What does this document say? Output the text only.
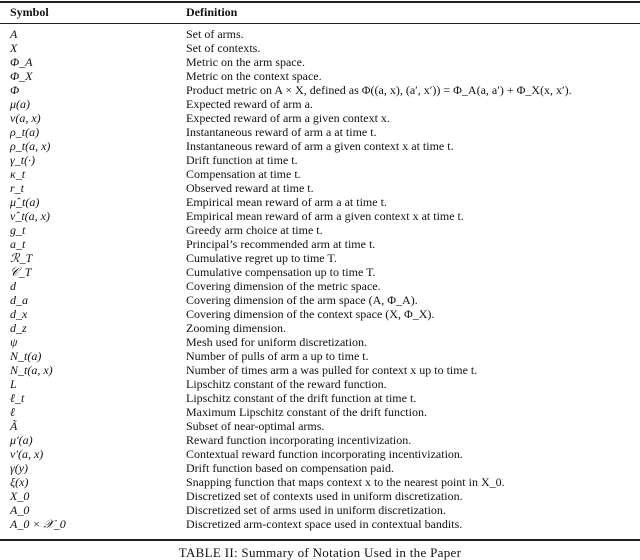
Symbol	Definition
A	Set of arms.
X	Set of contexts.
Φ_A	Metric on the arm space.
Φ_X	Metric on the context space.
Φ	Product metric on A × X, defined as Φ((a, x), (a′, x′)) = Φ_A(a, a′) + Φ_X(x, x′).
μ(a)	Expected reward of arm a.
ν(a, x)	Expected reward of arm a given context x.
ρ_t(a)	Instantaneous reward of arm a at time t.
ρ_t(a, x)	Instantaneous reward of arm a given context x at time t.
γ_t(·)	Drift function at time t.
κ_t	Compensation at time t.
r_t	Observed reward at time t.
μ̂_t(a)	Empirical mean reward of arm a at time t.
ν̂_t(a, x)	Empirical mean reward of arm a given context x at time t.
g_t	Greedy arm choice at time t.
a_t	Principal’s recommended arm at time t.
ℛ_T	Cumulative regret up to time T.
𝒞_T	Cumulative compensation up to time T.
d	Covering dimension of the metric space.
d_a	Covering dimension of the arm space (A, Φ_A).
d_x	Covering dimension of the context space (X, Φ_X).
d_z	Zooming dimension.
ψ	Mesh used for uniform discretization.
N_t(a)	Number of pulls of arm a up to time t.
N_t(a, x)	Number of times arm a was pulled for context x up to time t.
L	Lipschitz constant of the reward function.
ℓ_t	Lipschitz constant of the drift function at time t.
ℓ	Maximum Lipschitz constant of the drift function.
Ã	Subset of near-optimal arms.
μ′(a)	Reward function incorporating incentivization.
ν′(a, x)	Contextual reward function incorporating incentivization.
γ(y)	Drift function based on compensation paid.
ξ(x)	Snapping function that maps context x to the nearest point in X_0.
X_0	Discretized set of contexts used in uniform discretization.
A_0	Discretized set of arms used in uniform discretization.
A_0 × 𝒳_0	Discretized arm-context space used in contextual bandits.
TABLE II: Summary of Notation Used in the Paper
